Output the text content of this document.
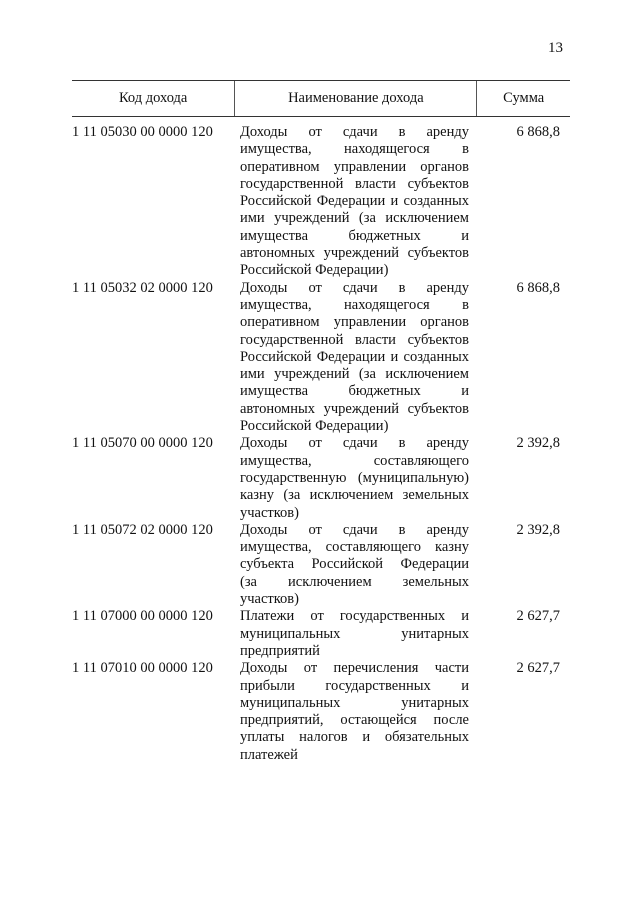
13
Код дохода	Наименование дохода	Сумма
1 11 05030 00 0000 120	Доходы от сдачи в аренду
имущества, находящегося в
оперативном управлении органов
государственной власти субъектов
Российской Федерации и созданных
ими учреждений (за исключением
имущества бюджетных и
автономных учреждений субъектов
Российской Федерации)
6 868,8
1 11 05032 02 0000 120	Доходы от сдачи в аренду
имущества, находящегося в
оперативном управлении органов
государственной власти субъектов
Российской Федерации и созданных
ими учреждений (за исключением
имущества бюджетных и
автономных учреждений субъектов
Российской Федерации)
6 868,8
1 11 05070 00 0000 120	Доходы от сдачи в аренду
имущества, составляющего
государственную (муниципальную)
казну (за исключением земельных
участков)
2 392,8
1 11 05072 02 0000 120	Доходы от сдачи в аренду
имущества, составляющего казну
субъекта Российской Федерации
(за исключением земельных
участков)
2 392,8
1 11 07000 00 0000 120	Платежи от государственных и
муниципальных унитарных
предприятий
2 627,7
1 11 07010 00 0000 120	Доходы от перечисления части
прибыли государственных и
муниципальных унитарных
предприятий, остающейся после
уплаты налогов и обязательных
платежей
2 627,7
